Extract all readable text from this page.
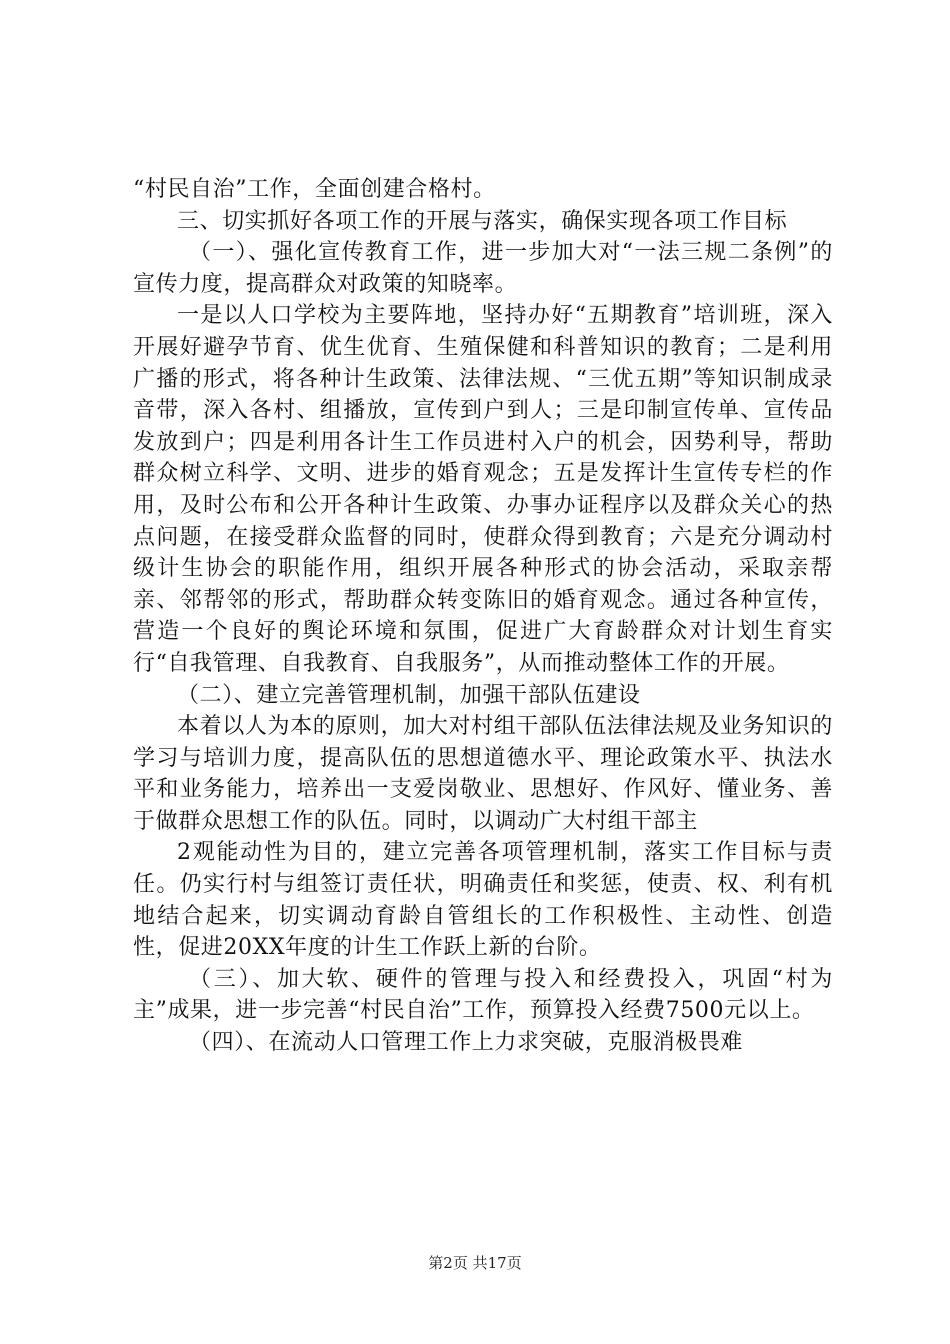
“村民自治”工作，全面创建合格村。

三、切实抓好各项工作的开展与落实，确保实现各项工作目标

（一）、强化宣传教育工作，进一步加大对“一法三规二条例”的宣传力度，提高群众对政策的知晓率。

一是以人口学校为主要阵地，坚持办好“五期教育”培训班，深入开展好避孕节育、优生优育、生殖保健和科普知识的教育；二是利用广播的形式，将各种计生政策、法律法规、“三优五期”等知识制成录音带，深入各村、组播放，宣传到户到人；三是印制宣传单、宣传品发放到户；四是利用各计生工作员进村入户的机会，因势利导，帮助群众树立科学、文明、进步的婚育观念；五是发挥计生宣传专栏的作用，及时公布和公开各种计生政策、办事办证程序以及群众关心的热点问题，在接受群众监督的同时，使群众得到教育；六是充分调动村级计生协会的职能作用，组织开展各种形式的协会活动，采取亲帮亲、邻帮邻的形式，帮助群众转变陈旧的婚育观念。通过各种宣传，营造一个良好的舆论环境和氛围，促进广大育龄群众对计划生育实行“自我管理、自我教育、自我服务”，从而推动整体工作的开展。

（二）、建立完善管理机制，加强干部队伍建设

本着以人为本的原则，加大对村组干部队伍法律法规及业务知识的学习与培训力度，提高队伍的思想道德水平、理论政策水平、执法水平和业务能力，培养出一支爱岗敬业、思想好、作风好、懂业务、善于做群众思想工作的队伍。同时，以调动广大村组干部主

2观能动性为目的，建立完善各项管理机制，落实工作目标与责任。仍实行村与组签订责任状，明确责任和奖惩，使责、权、利有机地结合起来，切实调动育龄自管组长的工作积极性、主动性、创造性，促进20XX年度的计生工作跃上新的台阶。

（三）、加大软、硬件的管理与投入和经费投入，巩固“村为主”成果，进一步完善“村民自治”工作，预算投入经费7500元以上。

（四）、在流动人口管理工作上力求突破，克服消极畏难

第2页 共17页
